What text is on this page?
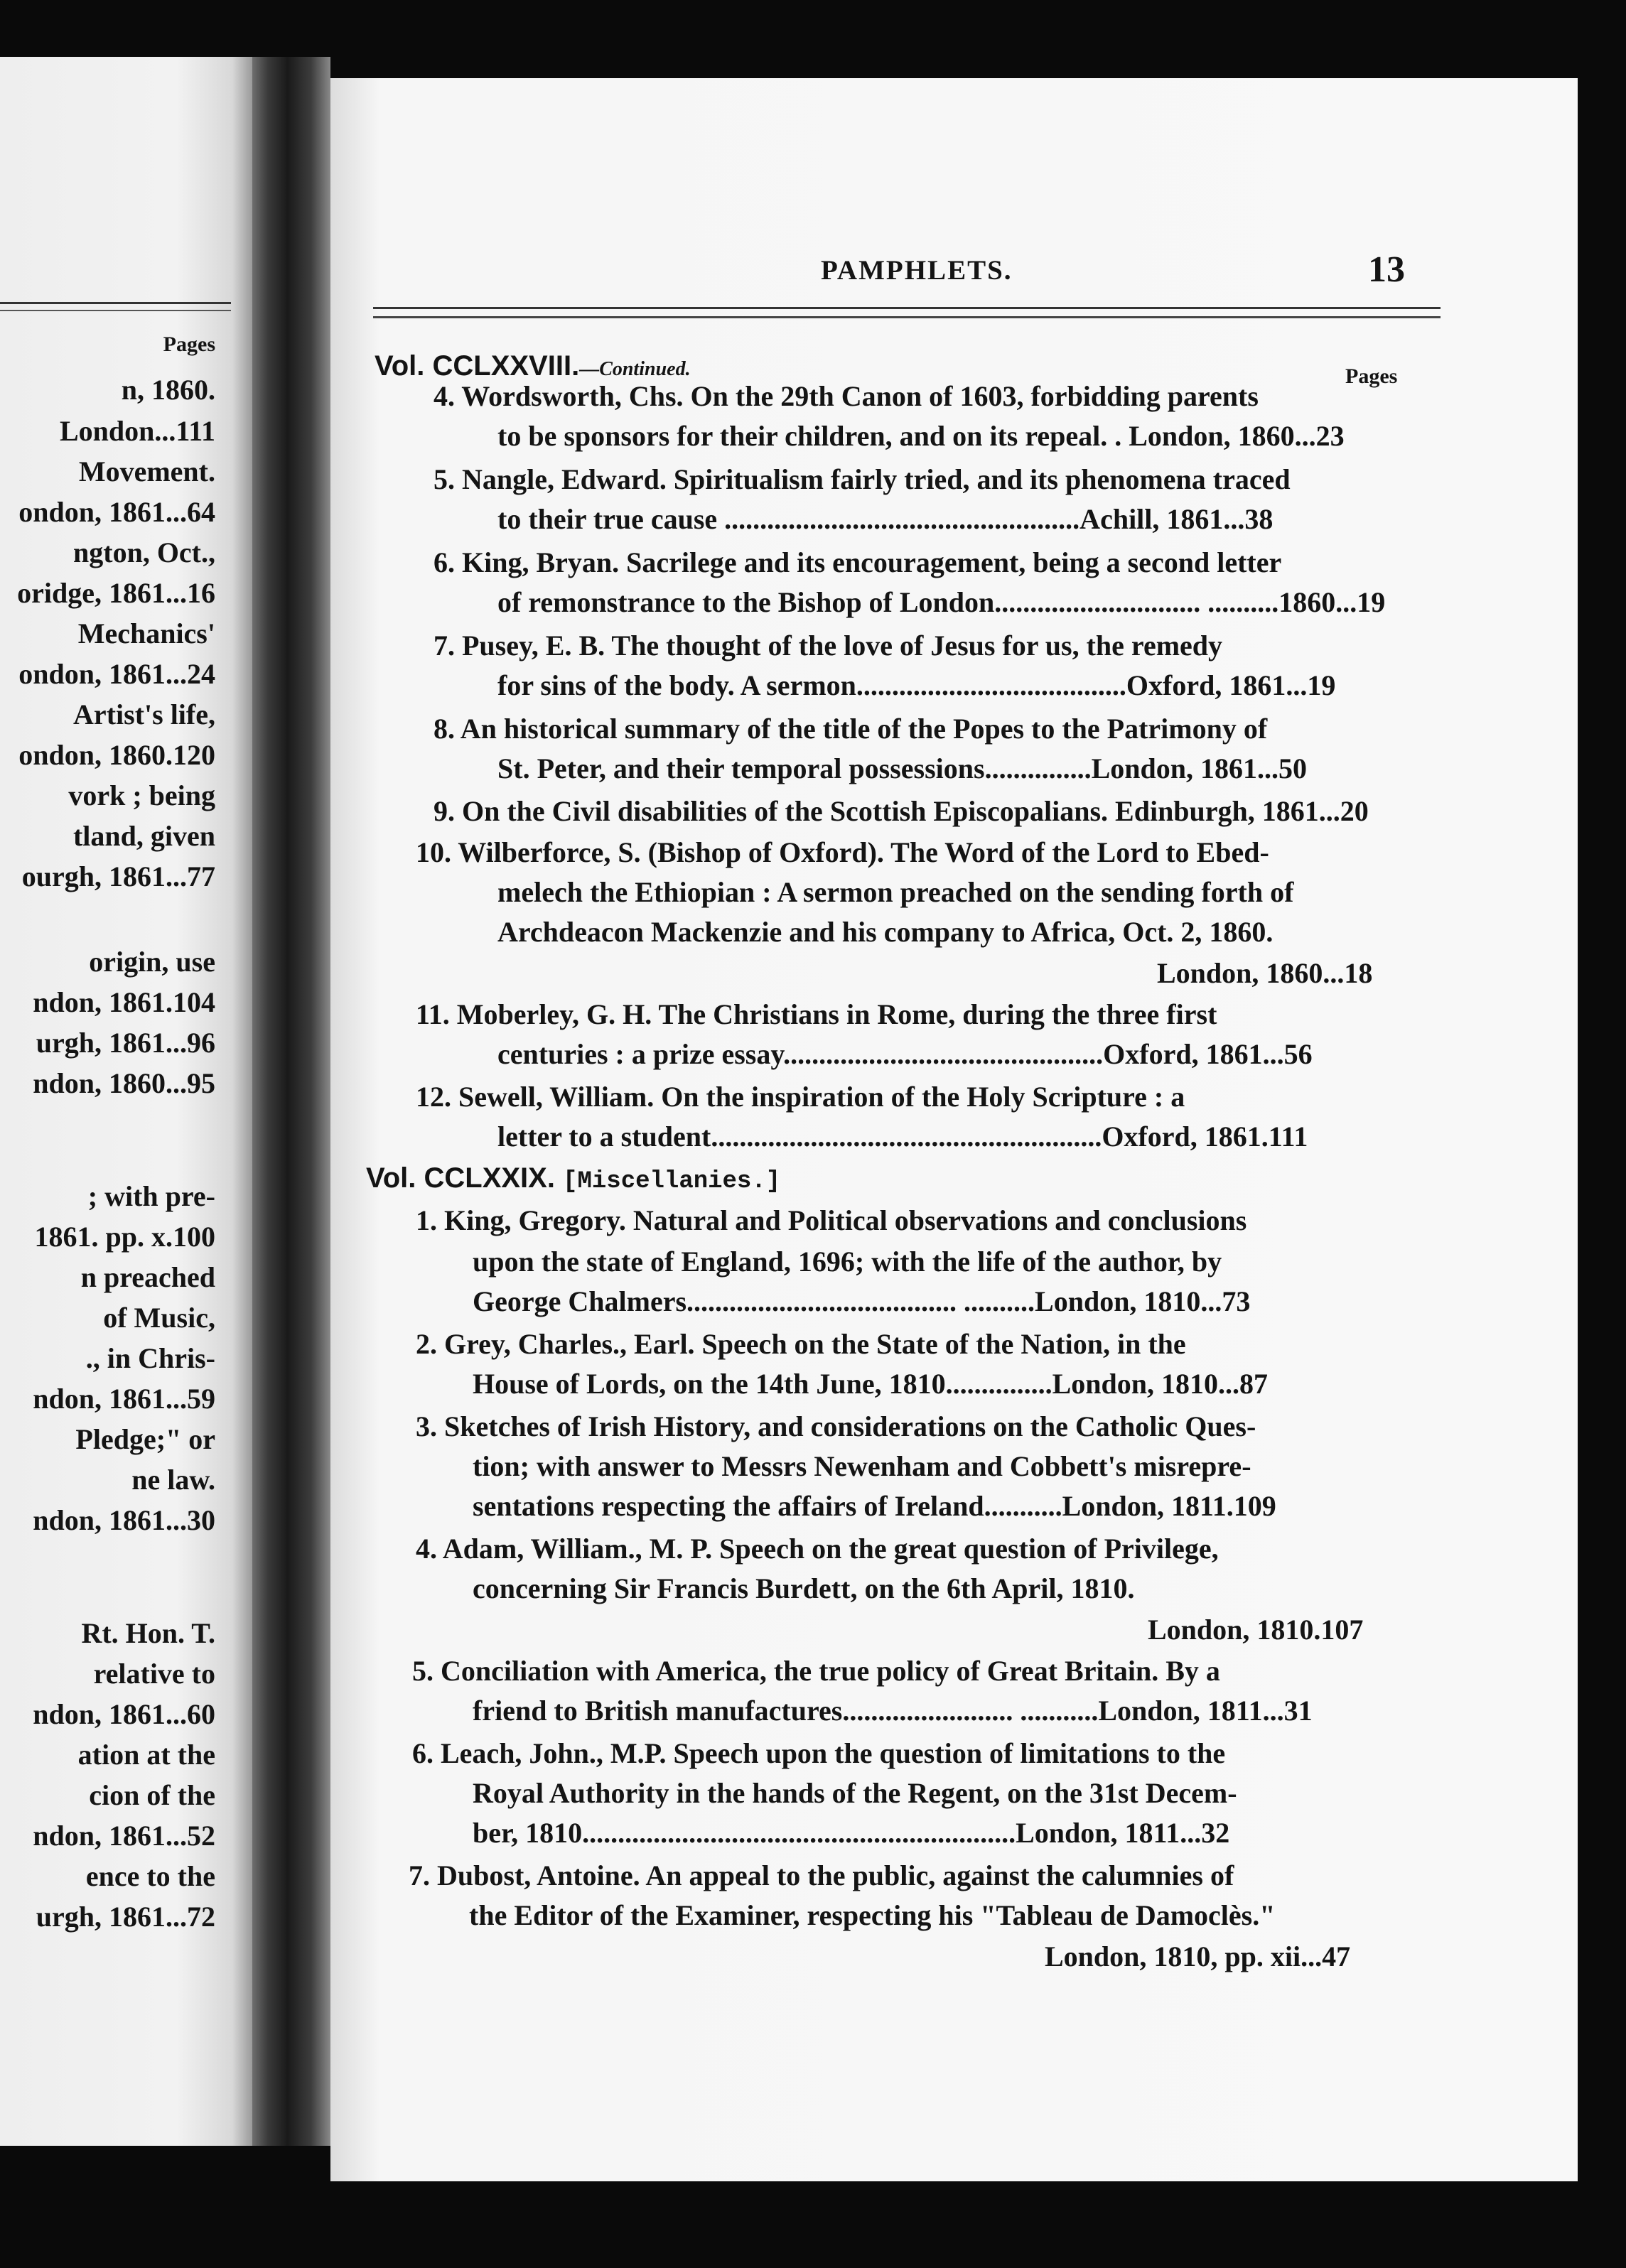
Pages
n, 1860.
London...111
Movement.
ondon, 1861...64
ngton, Oct.,
oridge, 1861...16
Mechanics'
ondon, 1861...24
Artist's life,
ondon, 1860.120
vork ; being
tland, given
ourgh, 1861...77
origin, use
ndon, 1861.104
urgh, 1861...96
ndon, 1860...95
; with pre-
1861. pp. x.100
n preached
of Music,
., in Chris-
ndon, 1861...59
Pledge;" or
ne law.
ndon, 1861...30
Rt. Hon. T.
relative to
ndon, 1861...60
ation at the
cion of the
ndon, 1861...52
ence to the
urgh, 1861...72
PAMPHLETS.	13
Vol. CCLXXVIII.—Continued.	Pages
4. Wordsworth, Chs. On the 29th Canon of 1603, forbidding parents
to be sponsors for their children, and on its repeal. . London, 1860...23
5. Nangle, Edward. Spiritualism fairly tried, and its phenomena traced
to their true cause ..................................................Achill, 1861...38
6. King, Bryan. Sacrilege and its encouragement, being a second letter
of remonstrance to the Bishop of London............................. ..........1860...19
7. Pusey, E. B. The thought of the love of Jesus for us, the remedy
for sins of the body. A sermon......................................Oxford, 1861...19
8. An historical summary of the title of the Popes to the Patrimony of
St. Peter, and their temporal possessions...............London, 1861...50
9. On the Civil disabilities of the Scottish Episcopalians. Edinburgh, 1861...20
10. Wilberforce, S. (Bishop of Oxford). The Word of the Lord to Ebed-
melech the Ethiopian : A sermon preached on the sending forth of
Archdeacon Mackenzie and his company to Africa, Oct. 2, 1860.
London, 1860...18
11. Moberley, G. H. The Christians in Rome, during the three first
centuries : a prize essay.............................................Oxford, 1861...56
12. Sewell, William. On the inspiration of the Holy Scripture : a
letter to a student.......................................................Oxford, 1861.111
Vol. CCLXXIX. [Miscellanies.]
1. King, Gregory. Natural and Political observations and conclusions
upon the state of England, 1696; with the life of the author, by
George Chalmers...................................... ..........London, 1810...73
2. Grey, Charles., Earl. Speech on the State of the Nation, in the
House of Lords, on the 14th June, 1810...............London, 1810...87
3. Sketches of Irish History, and considerations on the Catholic Ques-
tion; with answer to Messrs Newenham and Cobbett's misrepre-
sentations respecting the affairs of Ireland...........London, 1811.109
4. Adam, William., M. P. Speech on the great question of Privilege,
concerning Sir Francis Burdett, on the 6th April, 1810.
London, 1810.107
5. Conciliation with America, the true policy of Great Britain. By a
friend to British manufactures........................ ...........London, 1811...31
6. Leach, John., M.P. Speech upon the question of limitations to the
Royal Authority in the hands of the Regent, on the 31st Decem-
ber, 1810.............................................................London, 1811...32
7. Dubost, Antoine. An appeal to the public, against the calumnies of
the Editor of the Examiner, respecting his "Tableau de Damoclès."
London, 1810, pp. xii...47
